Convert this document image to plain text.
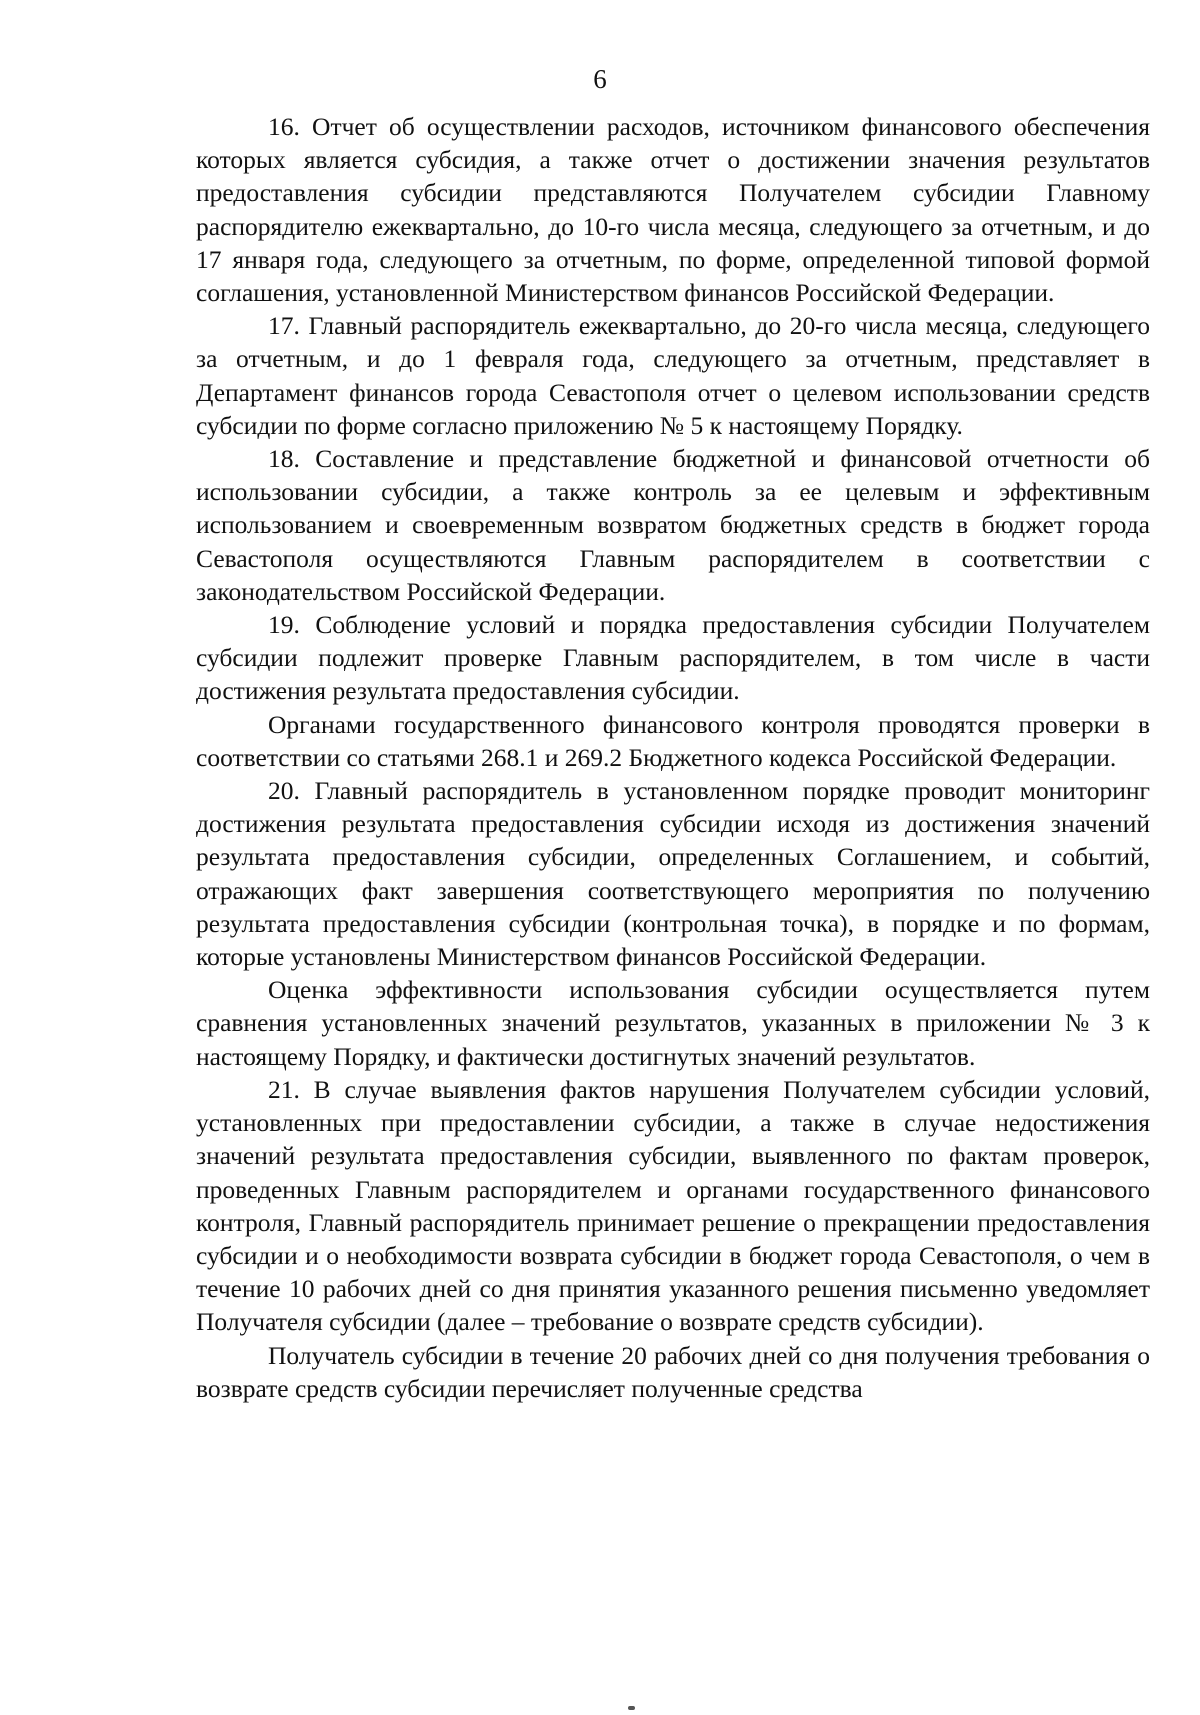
6

16. Отчет об осуществлении расходов, источником финансового обеспечения которых является субсидия, а также отчет о достижении значения результатов предоставления субсидии представляются Получателем субсидии Главному распорядителю ежеквартально, до 10-го числа месяца, следующего за отчетным, и до 17 января года, следующего за отчетным, по форме, определенной типовой формой соглашения, установленной Министерством финансов Российской Федерации.

17. Главный распорядитель ежеквартально, до 20-го числа месяца, следующего за отчетным, и до 1 февраля года, следующего за отчетным, представляет в Департамент финансов города Севастополя отчет о целевом использовании средств субсидии по форме согласно приложению № 5 к настоящему Порядку.

18. Составление и представление бюджетной и финансовой отчетности об использовании субсидии, а также контроль за ее целевым и эффективным использованием и своевременным возвратом бюджетных средств в бюджет города Севастополя осуществляются Главным распорядителем в соответствии с законодательством Российской Федерации.

19. Соблюдение условий и порядка предоставления субсидии Получателем субсидии подлежит проверке Главным распорядителем, в том числе в части достижения результата предоставления субсидии.

Органами государственного финансового контроля проводятся проверки в соответствии со статьями 268.1 и 269.2 Бюджетного кодекса Российской Федерации.

20. Главный распорядитель в установленном порядке проводит мониторинг достижения результата предоставления субсидии исходя из достижения значений результата предоставления субсидии, определенных Соглашением, и событий, отражающих факт завершения соответствующего мероприятия по получению результата предоставления субсидии (контрольная точка), в порядке и по формам, которые установлены Министерством финансов Российской Федерации.

Оценка эффективности использования субсидии осуществляется путем сравнения установленных значений результатов, указанных в приложении № 3 к настоящему Порядку, и фактически достигнутых значений результатов.

21. В случае выявления фактов нарушения Получателем субсидии условий, установленных при предоставлении субсидии, а также в случае недостижения значений результата предоставления субсидии, выявленного по фактам проверок, проведенных Главным распорядителем и органами государственного финансового контроля, Главный распорядитель принимает решение о прекращении предоставления субсидии и о необходимости возврата субсидии в бюджет города Севастополя, о чем в течение 10 рабочих дней со дня принятия указанного решения письменно уведомляет Получателя субсидии (далее – требование о возврате средств субсидии).

Получатель субсидии в течение 20 рабочих дней со дня получения требования о возврате средств субсидии перечисляет полученные средства
